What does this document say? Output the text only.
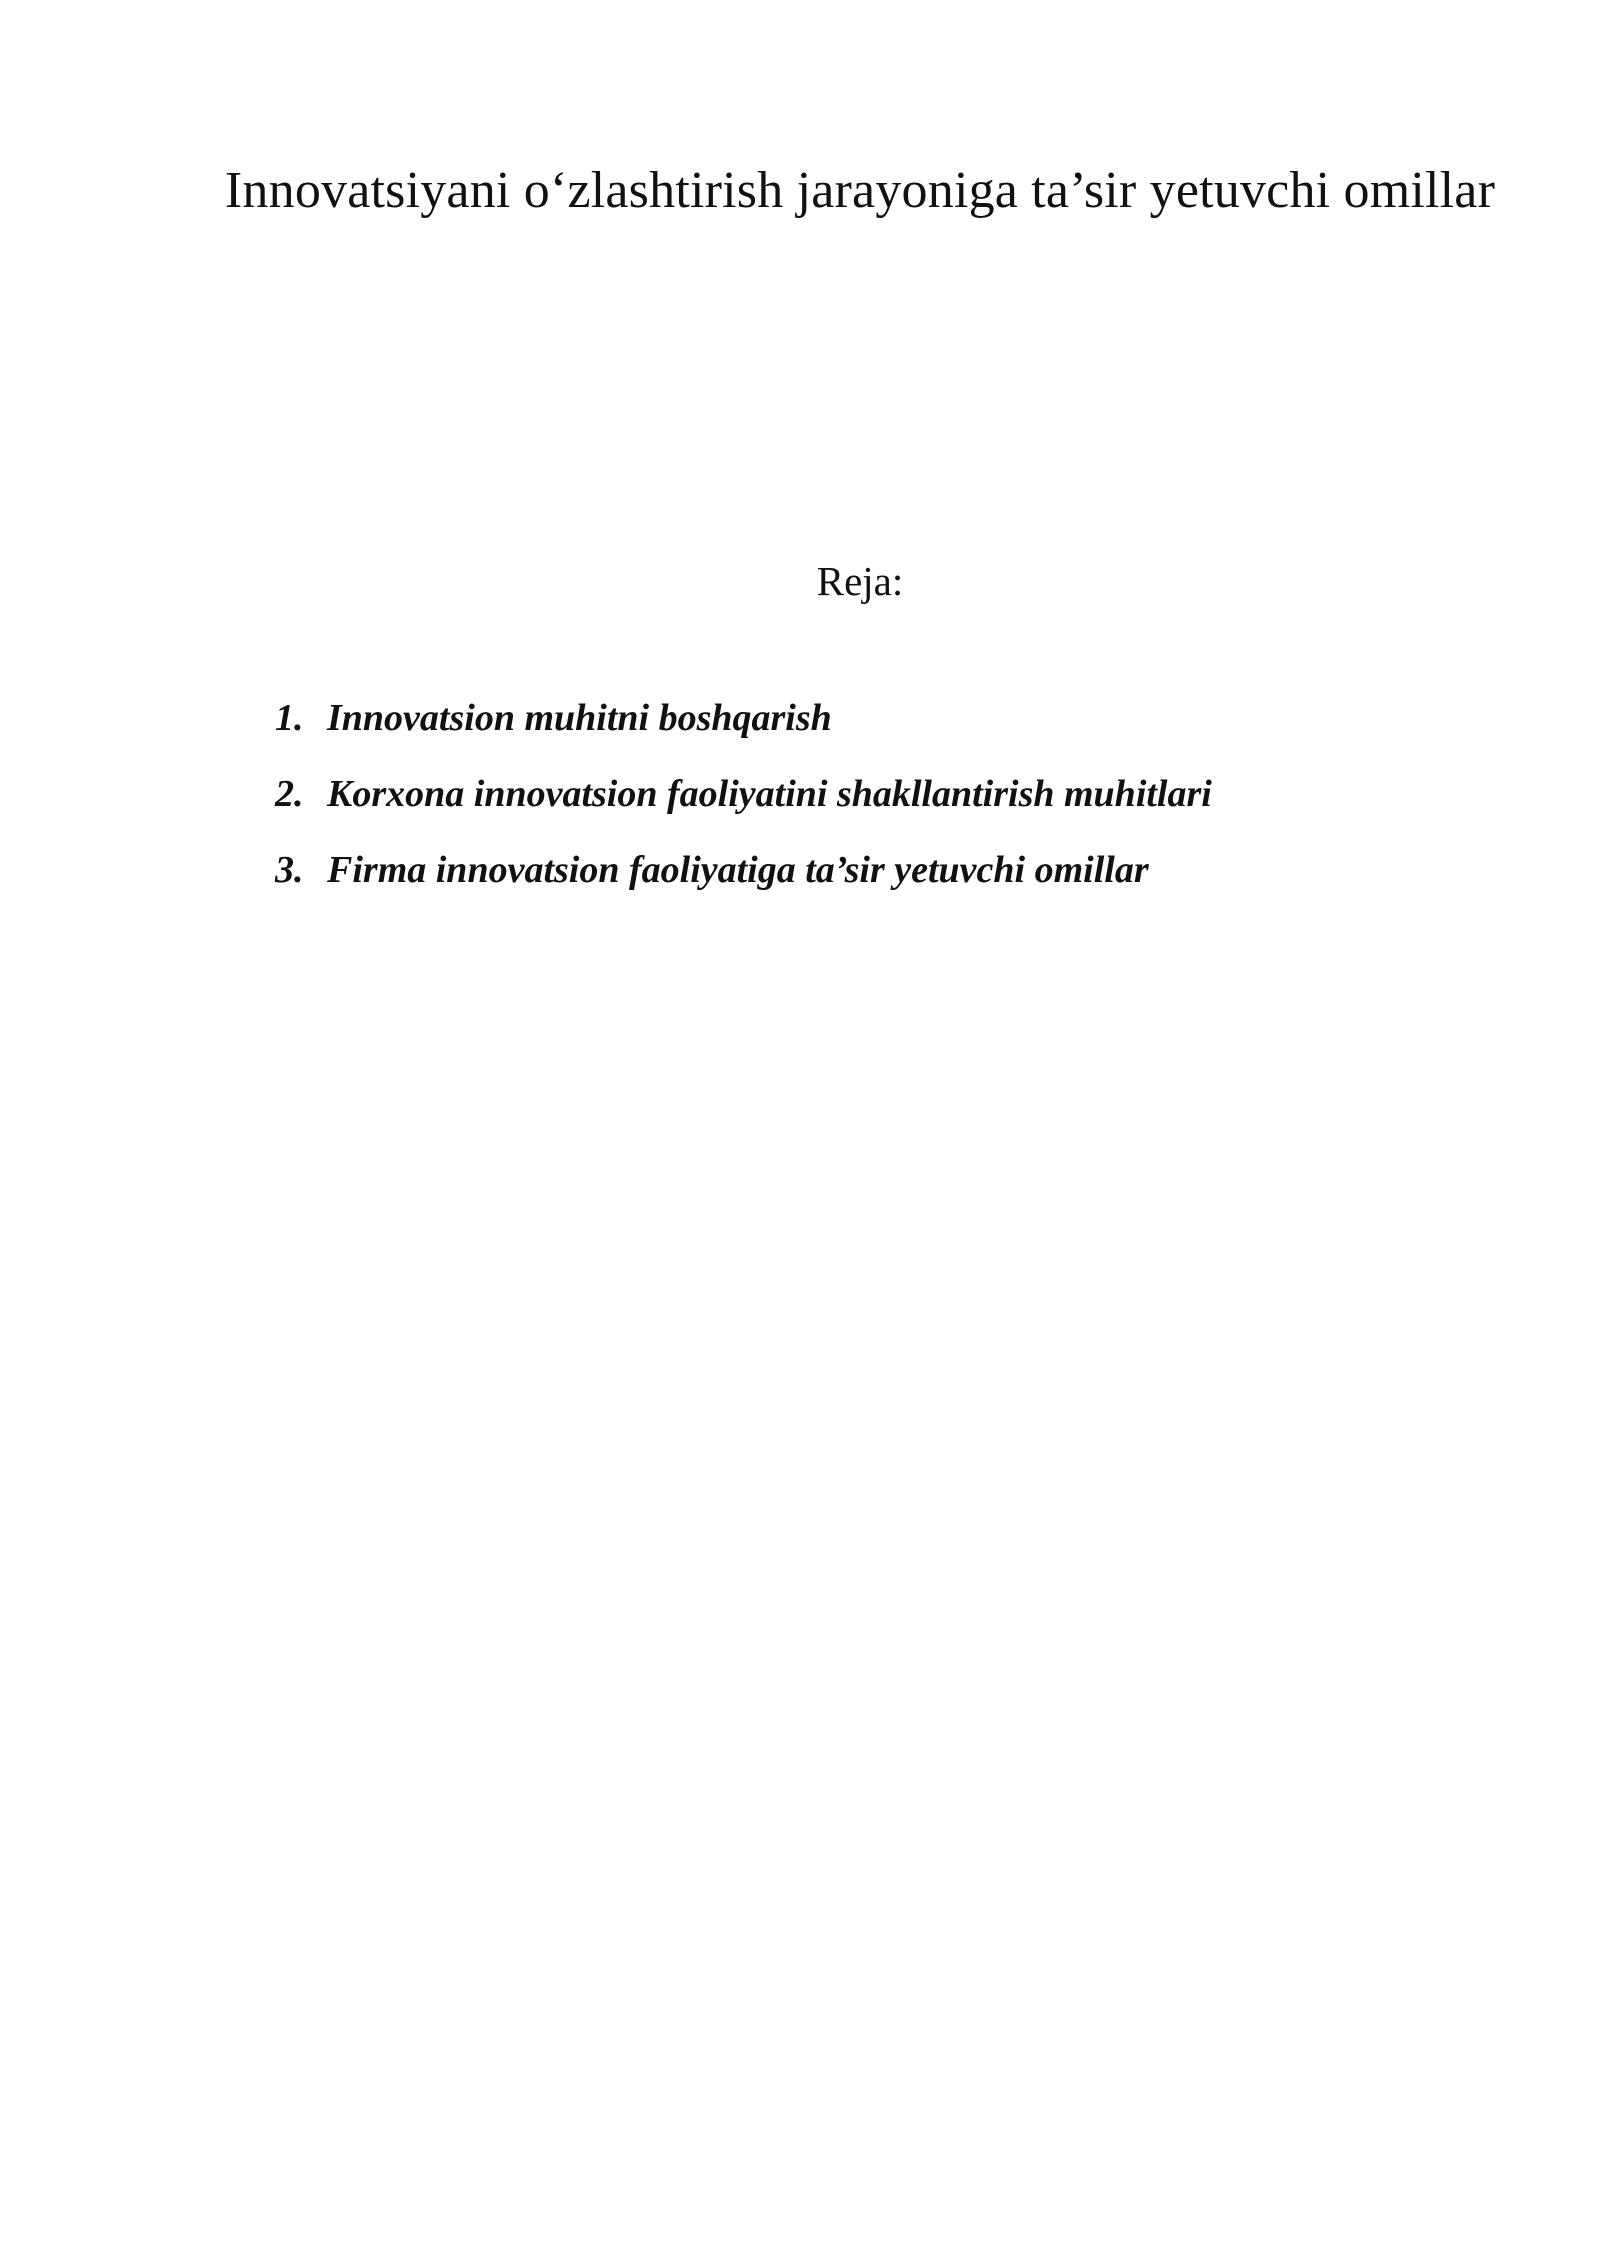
Innovatsiyani o‘zlashtirish jarayoniga ta’sir yetuvchi omillar
Reja:
1. Innovatsion muhitni boshqarish
2. Korxona innovatsion faoliyatini shakllantirish muhitlari
3. Firma innovatsion faoliyatiga ta’sir yetuvchi omillar
